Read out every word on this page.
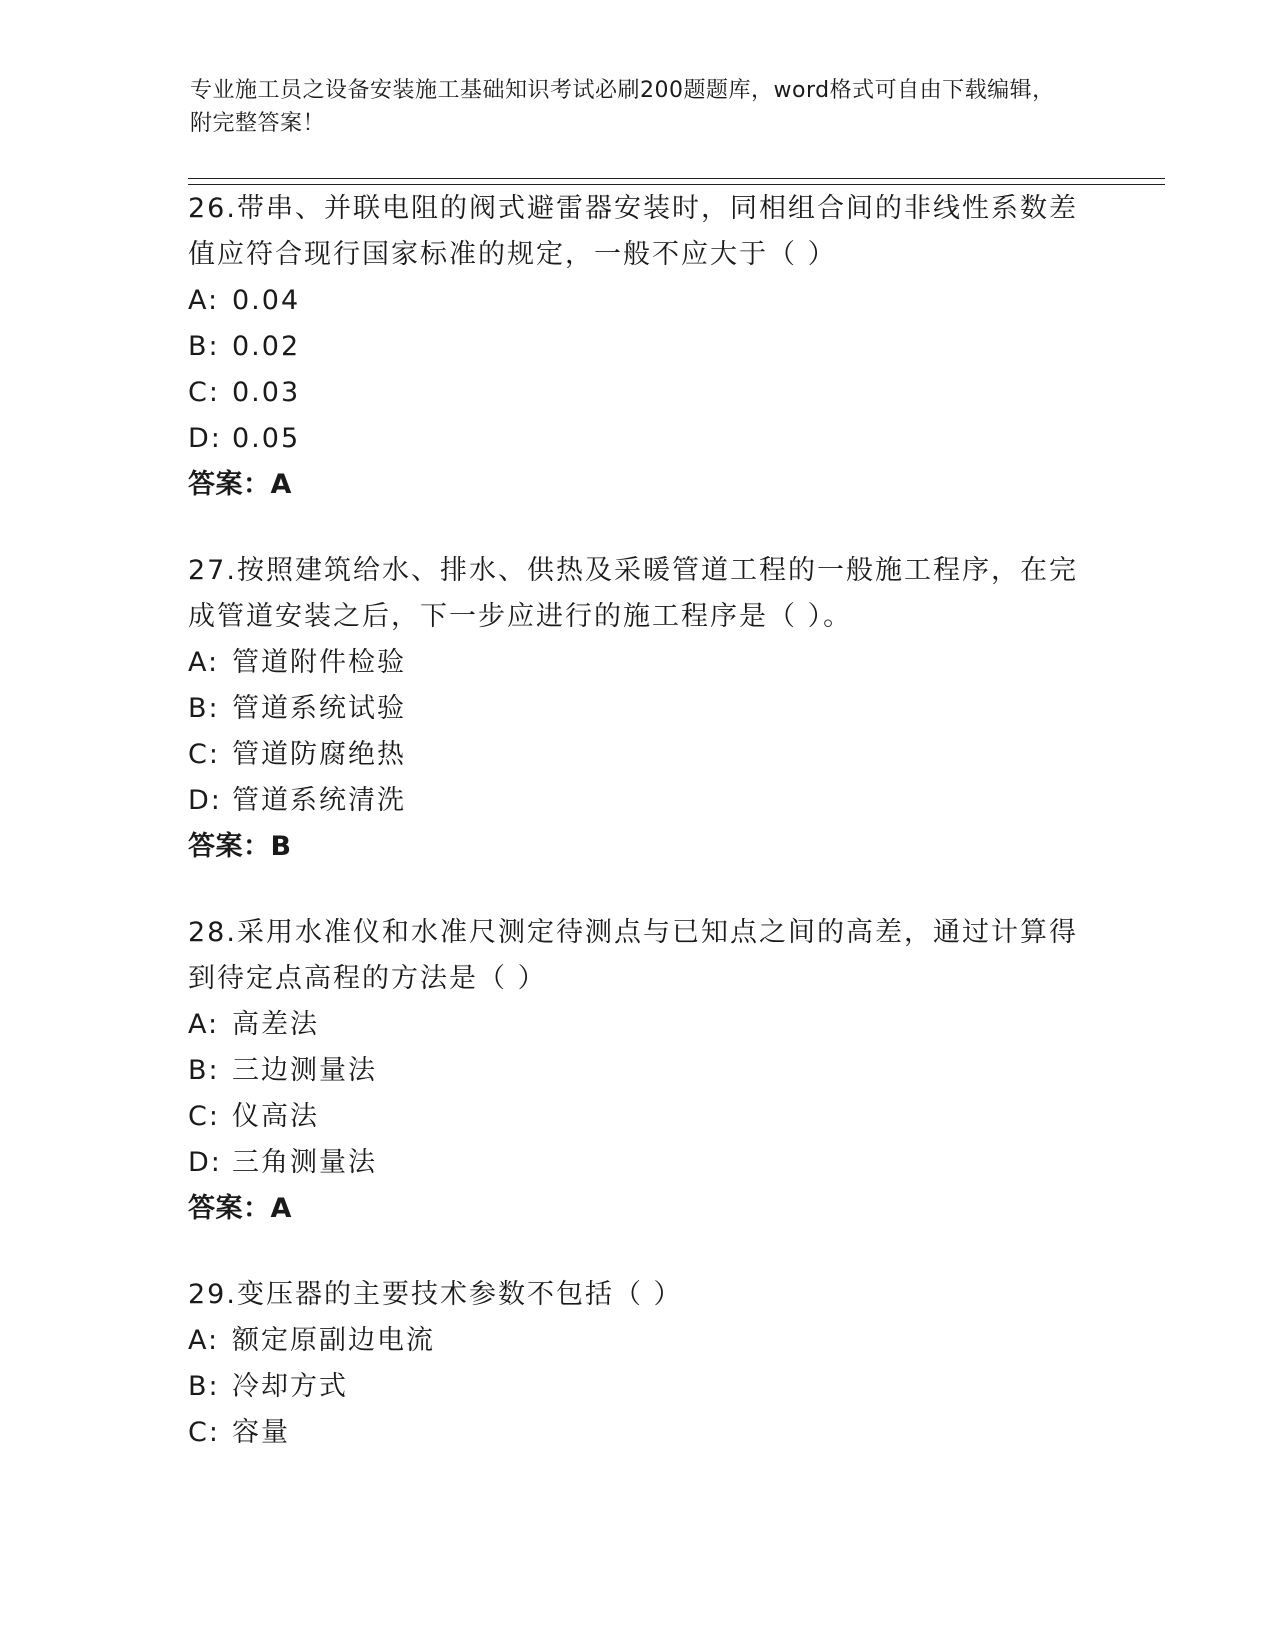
专业施工员之设备安装施工基础知识考试必刷200题题库，word格式可自由下载编辑，附完整答案！

26.带串、并联电阻的阀式避雷器安装时，同相组合间的非线性系数差值应符合现行国家标准的规定，一般不应大于（ ）

A: 0.04

B: 0.02

C: 0.03

D: 0.05

答案：A

27.按照建筑给水、排水、供热及采暖管道工程的一般施工程序，在完成管道安装之后，下一步应进行的施工程序是（ ）。

A: 管道附件检验

B: 管道系统试验

C: 管道防腐绝热

D: 管道系统清洗

答案：B

28.采用水准仪和水准尺测定待测点与已知点之间的高差，通过计算得到待定点高程的方法是（ ）

A: 高差法

B: 三边测量法

C: 仪高法

D: 三角测量法

答案：A

29.变压器的主要技术参数不包括（ ）

A: 额定原副边电流

B: 冷却方式

C: 容量
